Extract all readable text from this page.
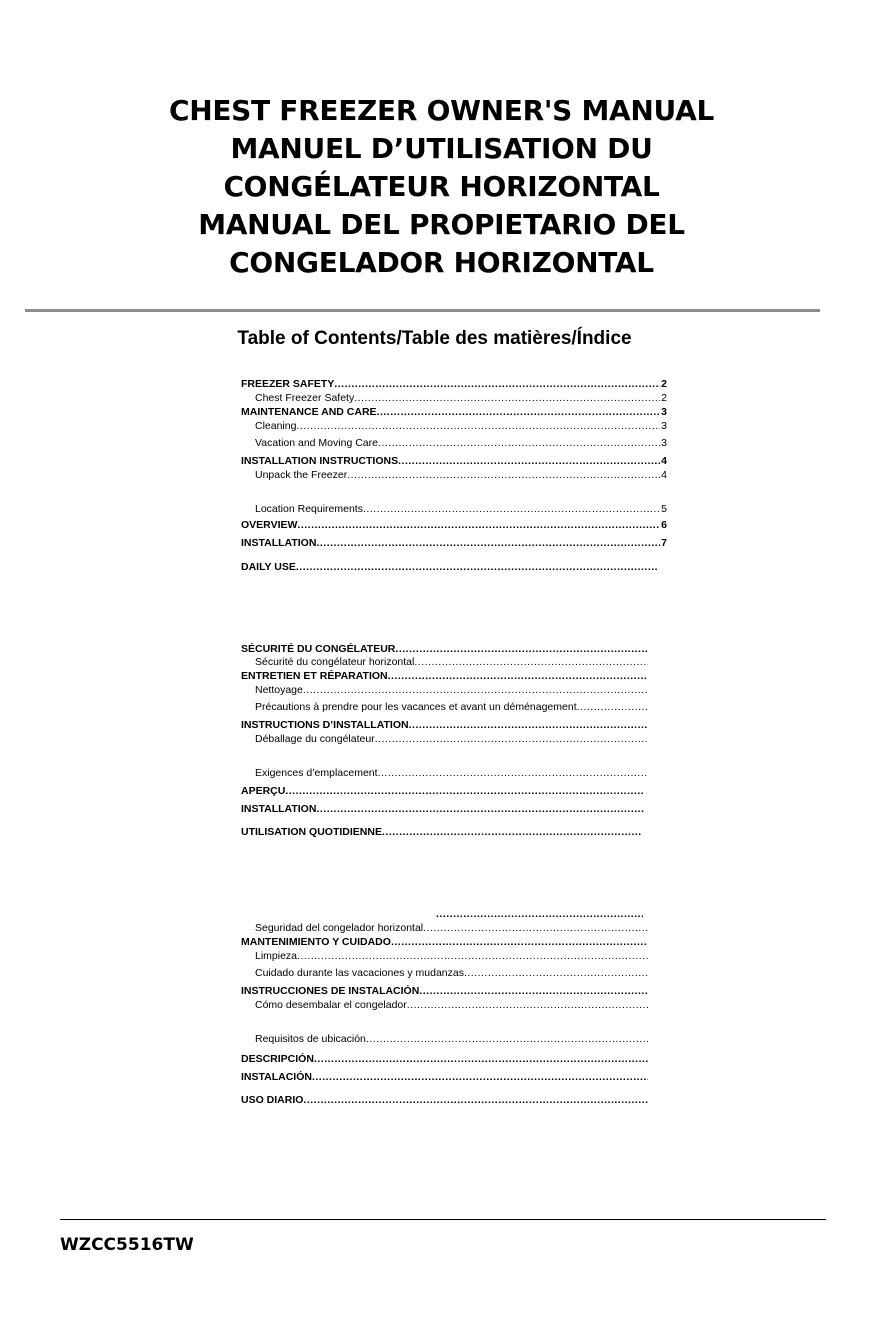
CHEST FREEZER OWNER'S MANUAL
MANUEL D’UTILISATION DU
CONGÉLATEUR HORIZONTAL
MANUAL DEL PROPIETARIO DEL
CONGELADOR HORIZONTAL
Table of Contents/Table des matières/Índice
FREEZER SAFETY .....	2
Chest Freezer Safety .....	2
MAINTENANCE AND CARE .....	3
Cleaning .....	3
Vacation and Moving Care .....	3
INSTALLATION INSTRUCTIONS .....	4
Unpack the Freezer .....	4
Location Requirements .....	5
OVERVIEW .....	6
INSTALLATION .....	7
DAILY USE
.....
SÉCURITÉ DU CONGÉLATEUR
.....
Sécurité du congélateur horizontal
.....
ENTRETIEN ET RÉPARATION
.....
Nettoyage
.....
Précautions à prendre pour les vacances et avant un déménagement
.....
INSTRUCTIONS D’INSTALLATION
.....
Déballage du congélateur
.....
Exigences d’emplacement
.....
APERÇU
.....
INSTALLATION
.....
UTILISATION QUOTIDIENNE
.....
.....
Seguridad del congelador horizontal
.....
MANTENIMIENTO Y CUIDADO
.....
Limpieza
.....
Cuidado durante las vacaciones y mudanzas
.....
INSTRUCCIONES DE INSTALACIÓN
.....
Cómo desembalar el congelador
.....
Requisitos de ubicación
.....
DESCRIPCIÓN
.....
INSTALACIÓN
.....
USO DIARIO
.....
WZCC5516TW
